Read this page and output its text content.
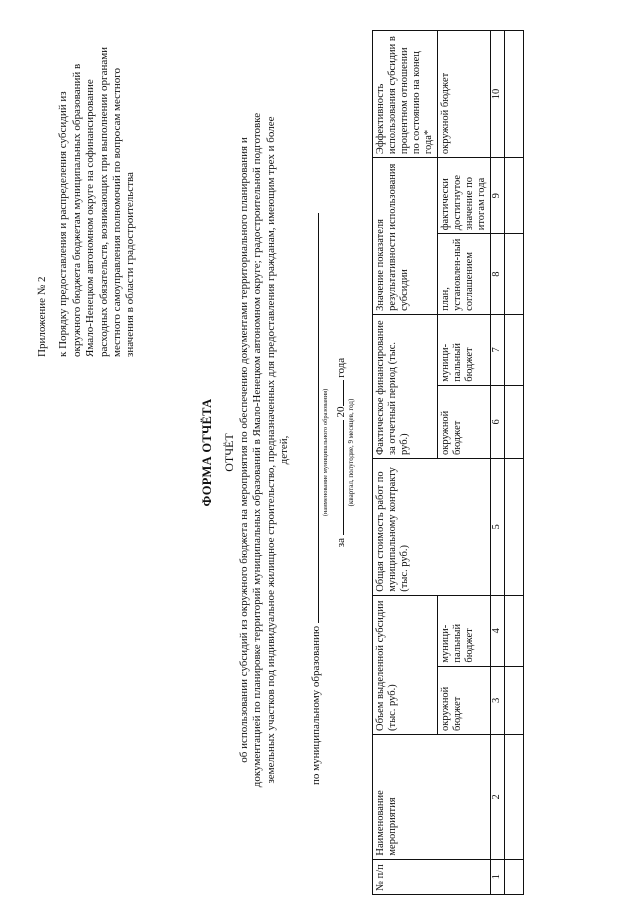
Приложение № 2 к Порядку предоставления и распределения субсидий из окружного бюджета бюджетам муниципальных образований в Ямало-Ненецком автономном округе на софинансирование расходных обязательств, возникающих при выполнении органами местного самоуправления полномочий по вопросам местного значения в области градостроительства
ФОРМА ОТЧЁТА ОТЧЁТ об использовании субсидий из окружного бюджета на мероприятия по обеспечению документами территориального планирования и документацией по планировке территорий муниципальных образований в Ямало-Ненецком автономном округе; градостроительной подготовке земельных участков под индивидуальное жилищное строительство, предназначенных для предоставления гражданам, имеющим трех и более детей,
по муниципальному образованию
(наименование муниципального образования)
за  20 года
(квартал, полугодие, 9 месяцев, год)
№ п/п	Наименование мероприятия	Объем выделенной субсидии (тыс. руб.)		Общая стоимость работ по муниципальному контракту (тыс. руб.)	Фактическое финансирование за отчетный период (тыс. руб.)		Значение показателя результативности использования субсидии		Эффективность использования субсидии в процентном отношении по состоянию на конец года*
		окружной бюджет	муници-пальный бюджет		окружной бюджет	муници-пальный бюджет	план, установлен-ный соглашением	фактически достигнутое значение по итогам года	окружной бюджет
1	2	3	4	5	6	7	8	9	10
